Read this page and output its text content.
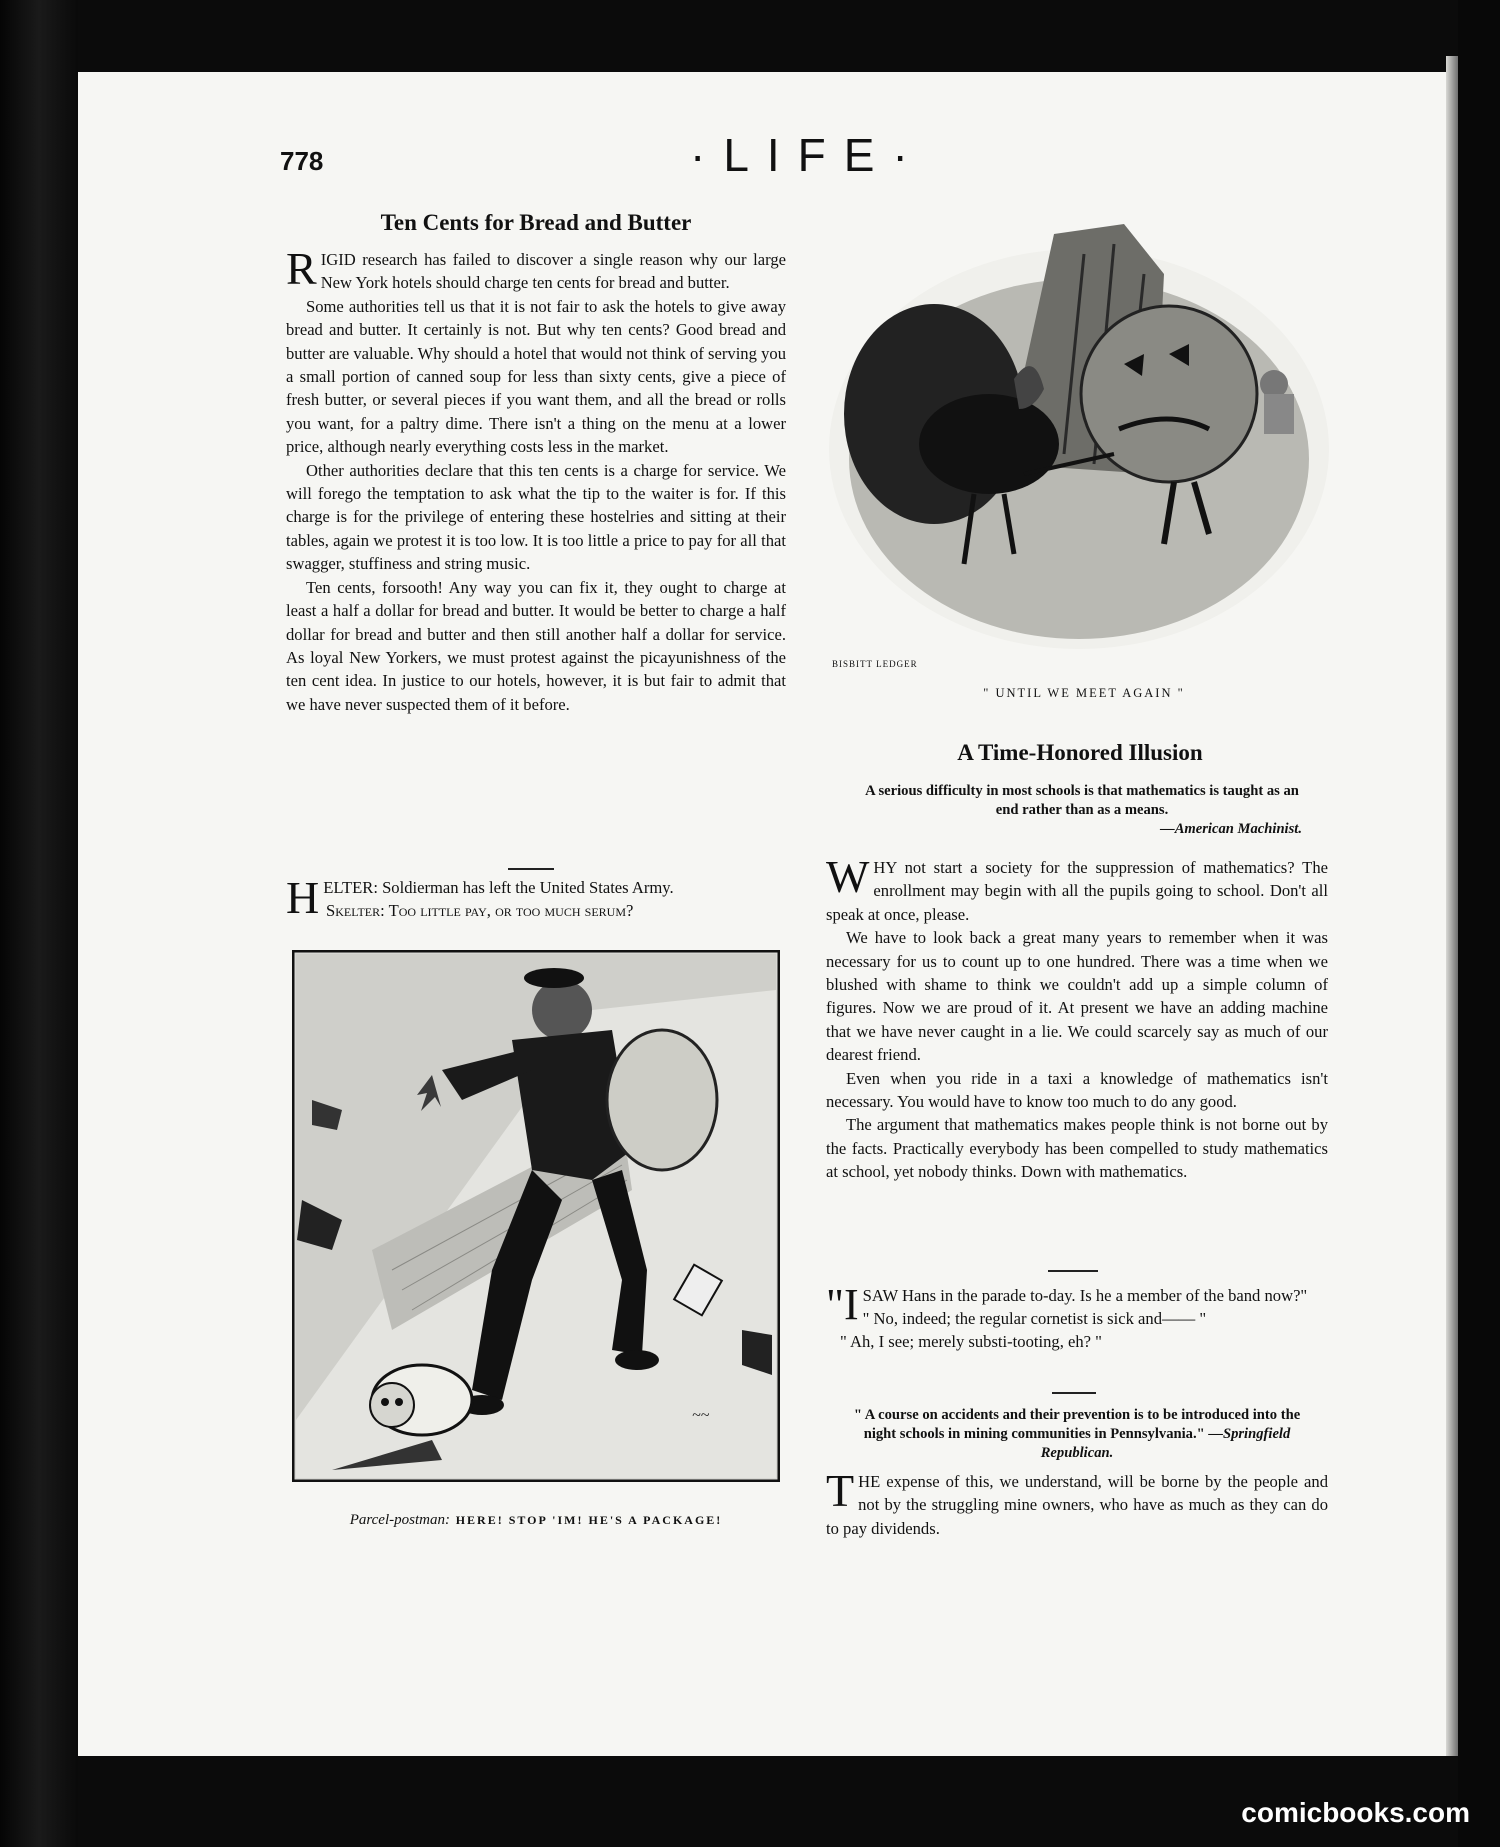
778	·LIFE·
Ten Cents for Bread and Butter

RIGID research has failed to discover a single reason why our large New York hotels should charge ten cents for bread and butter.

Some authorities tell us that it is not fair to ask the hotels to give away bread and butter. It certainly is not. But why ten cents? Good bread and butter are valuable. Why should a hotel that would not think of serving you a small portion of canned soup for less than sixty cents, give a piece of fresh butter, or several pieces if you want them, and all the bread or rolls you want, for a paltry dime. There isn't a thing on the menu at a lower price, although nearly everything costs less in the market.

Other authorities declare that this ten cents is a charge for service. We will forego the temptation to ask what the tip to the waiter is for. If this charge is for the privilege of entering these hostelries and sitting at their tables, again we protest it is too low. It is too little a price to pay for all that swagger, stuffiness and string music.

Ten cents, forsooth! Any way you can fix it, they ought to charge at least a half a dollar for bread and butter. It would be better to charge a half dollar for bread and butter and then still another half a dollar for service. As loyal New Yorkers, we must protest against the picayunishness of the ten cent idea. In justice to our hotels, however, it is but fair to admit that we have never suspected them of it before.

H ELTER: Soldierman has left the United States Army.
Skelter: Too little pay, or too much serum?
~~
Parcel-postman: HERE! STOP 'IM! HE'S A PACKAGE!
BISBITT LEDGER
" UNTIL WE MEET AGAIN "
A Time-Honored Illusion
A serious difficulty in most schools is that mathematics is taught as an end rather than as a means.

—American Machinist.

WHY not start a society for the suppression of mathematics? The enrollment may begin with all the pupils going to school. Don't all speak at once, please.

We have to look back a great many years to remember when it was necessary for us to count up to one hundred. There was a time when we blushed with shame to think we couldn't add up a simple column of figures. Now we are proud of it. At present we have an adding machine that we have never caught in a lie. We could scarcely say as much of our dearest friend.

Even when you ride in a taxi a knowledge of mathematics isn't necessary. You would have to know too much to do any good.

The argument that mathematics makes people think is not borne out by the facts. Practically everybody has been compelled to study mathematics at school, yet nobody thinks. Down with mathematics.

"I SAW Hans in the parade to-day. Is he a member of the band now?"
" No, indeed; the regular cornetist is sick and—— "
" Ah, I see; merely substi-tooting, eh? "
" A course on accidents and their prevention is to be introduced into the night schools in mining communities in Pennsylvania." —Springfield Republican.

THE expense of this, we understand, will be borne by the people and not by the struggling mine owners, who have as much as they can do to pay dividends.

comicbooks.com
